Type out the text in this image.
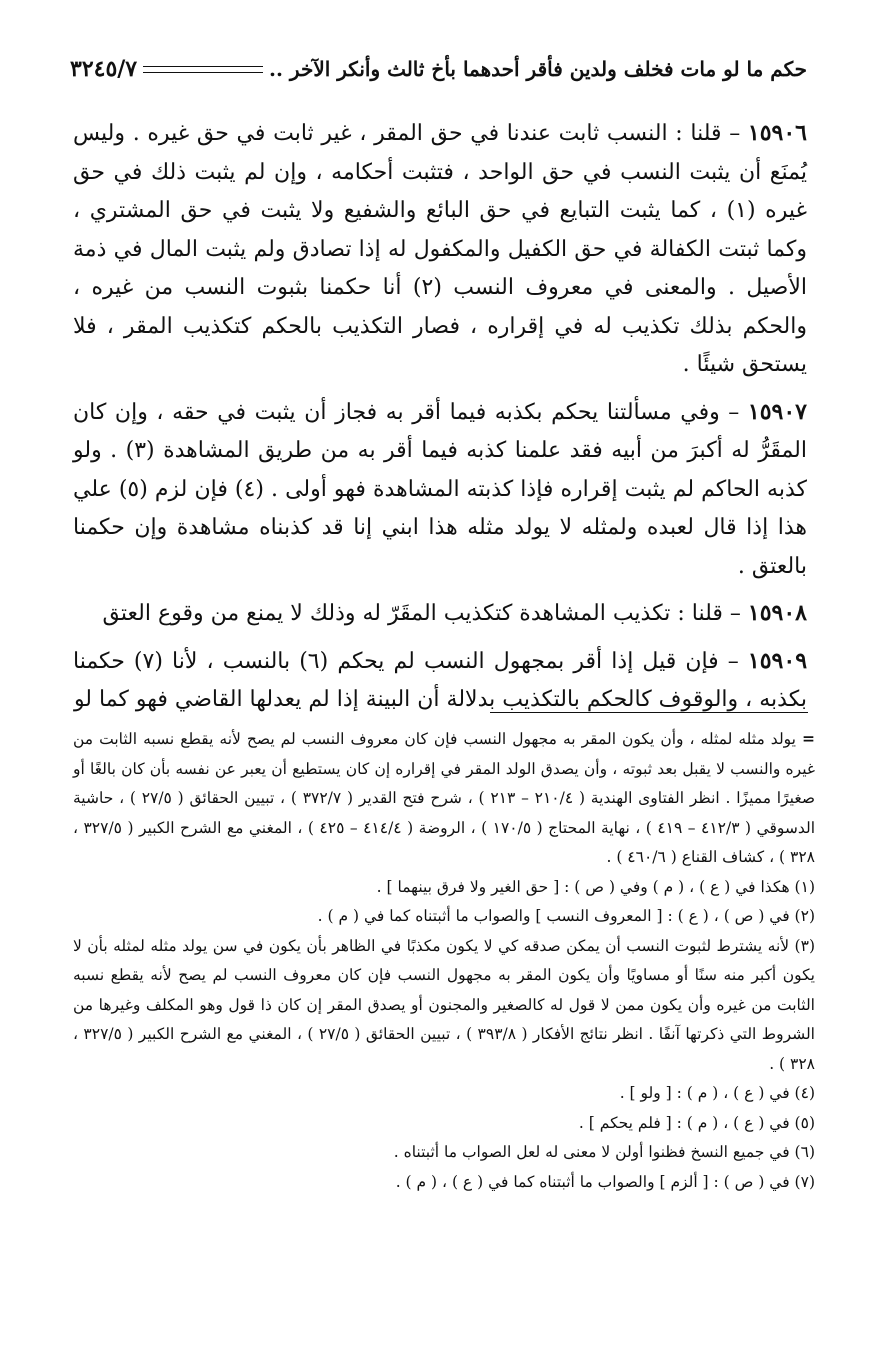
حكم ما لو مات فخلف ولدين فأقر أحدهما بأخ ثالث وأنكر الآخر ..
٣٢٤٥/٧

١٥٩٠٦ – قلنا : النسب ثابت عندنا في حق المقر ، غير ثابت في حق غيره . وليس يُمنَع أن يثبت النسب في حق الواحد ، فتثبت أحكامه ، وإن لم يثبت ذلك في حق غيره (١) ، كما يثبت التبايع في حق البائع والشفيع ولا يثبت في حق المشتري ، وكما ثبتت الكفالة في حق الكفيل والمكفول له إذا تصادق ولم يثبت المال في ذمة الأصيل . والمعنى في معروف النسب (٢) أنا حكمنا بثبوت النسب من غيره ، والحكم بذلك تكذيب له في إقراره ، فصار التكذيب بالحكم كتكذيب المقر ، فلا يستحق شيئًا .

١٥٩٠٧ – وفي مسألتنا يحكم بكذبه فيما أقر به فجاز أن يثبت في حقه ، وإن كان المقَرُّ له أكبرَ من أبيه فقد علمنا كذبه فيما أقر به من طريق المشاهدة (٣) . ولو كذبه الحاكم لم يثبت إقراره فإذا كذبته المشاهدة فهو أولى . (٤) فإن لزم (٥) علي هذا إذا قال لعبده ولمثله لا يولد مثله هذا ابني إنا قد كذبناه مشاهدة وإن حكمنا بالعتق .

١٥٩٠٨ – قلنا : تكذيب المشاهدة كتكذيب المقَرّ له وذلك لا يمنع من وقوع العتق

١٥٩٠٩ – فإن قيل إذا أقر بمجهول النسب لم يحكم (٦) بالنسب ، لأنا (٧) حكمنا بكذبه ، والوقوف كالحكم بالتكذيب بدلالة أن البينة إذا لم يعدلها القاضي فهو كما لو

=يولد مثله لمثله ، وأن يكون المقر به مجهول النسب فإن كان معروف النسب لم يصح لأنه يقطع نسبه الثابت من غيره والنسب لا يقبل بعد ثبوته ، وأن يصدق الولد المقر في إقراره إن كان يستطيع أن يعبر عن نفسه بأن كان بالغًا أو صغيرًا مميزًا . انظر الفتاوى الهندية ( ٢١٠/٤ – ٢١٣ ) ، شرح فتح القدير ( ٣٧٢/٧ ) ، تبيين الحقائق ( ٢٧/٥ ) ، حاشية الدسوقي ( ٤١٢/٣ – ٤١٩ ) ، نهاية المحتاج ( ١٧٠/٥ ) ، الروضة ( ٤١٤/٤ – ٤٢٥ ) ، المغني مع الشرح الكبير ( ٣٢٧/٥ ، ٣٢٨ ) ، كشاف القناع ( ٤٦٠/٦ ) .

(١) هكذا في ( ع ) ، ( م ) وفي ( ص ) : [ حق الغير ولا فرق بينهما ] .

(٢) في ( ص ) ، ( ع ) : [ المعروف النسب ] والصواب ما أثبتناه كما في ( م ) .

(٣) لأنه يشترط لثبوت النسب أن يمكن صدقه كي لا يكون مكذبًا في الظاهر بأن يكون في سن يولد مثله لمثله بأن لا يكون أكبر منه سنًا أو مساويًا وأن يكون المقر به مجهول النسب فإن كان معروف النسب لم يصح لأنه يقطع نسبه الثابت من غيره وأن يكون ممن لا قول له كالصغير والمجنون أو يصدق المقر إن كان ذا قول وهو المكلف وغيرها من الشروط التي ذكرتها آنفًا . انظر نتائج الأفكار ( ٣٩٣/٨ ) ، تبيين الحقائق ( ٢٧/٥ ) ، المغني مع الشرح الكبير ( ٣٢٧/٥ ، ٣٢٨ ) .

(٤) في ( ع ) ، ( م ) : [ ولو ] .

(٥) في ( ع ) ، ( م ) : [ فلم يحكم ] .

(٦) في جميع النسخ فظنوا أولن لا معنى له لعل الصواب ما أثبتناه .

(٧) في ( ص ) : [ ألزم ] والصواب ما أثبتناه كما في ( ع ) ، ( م ) .
